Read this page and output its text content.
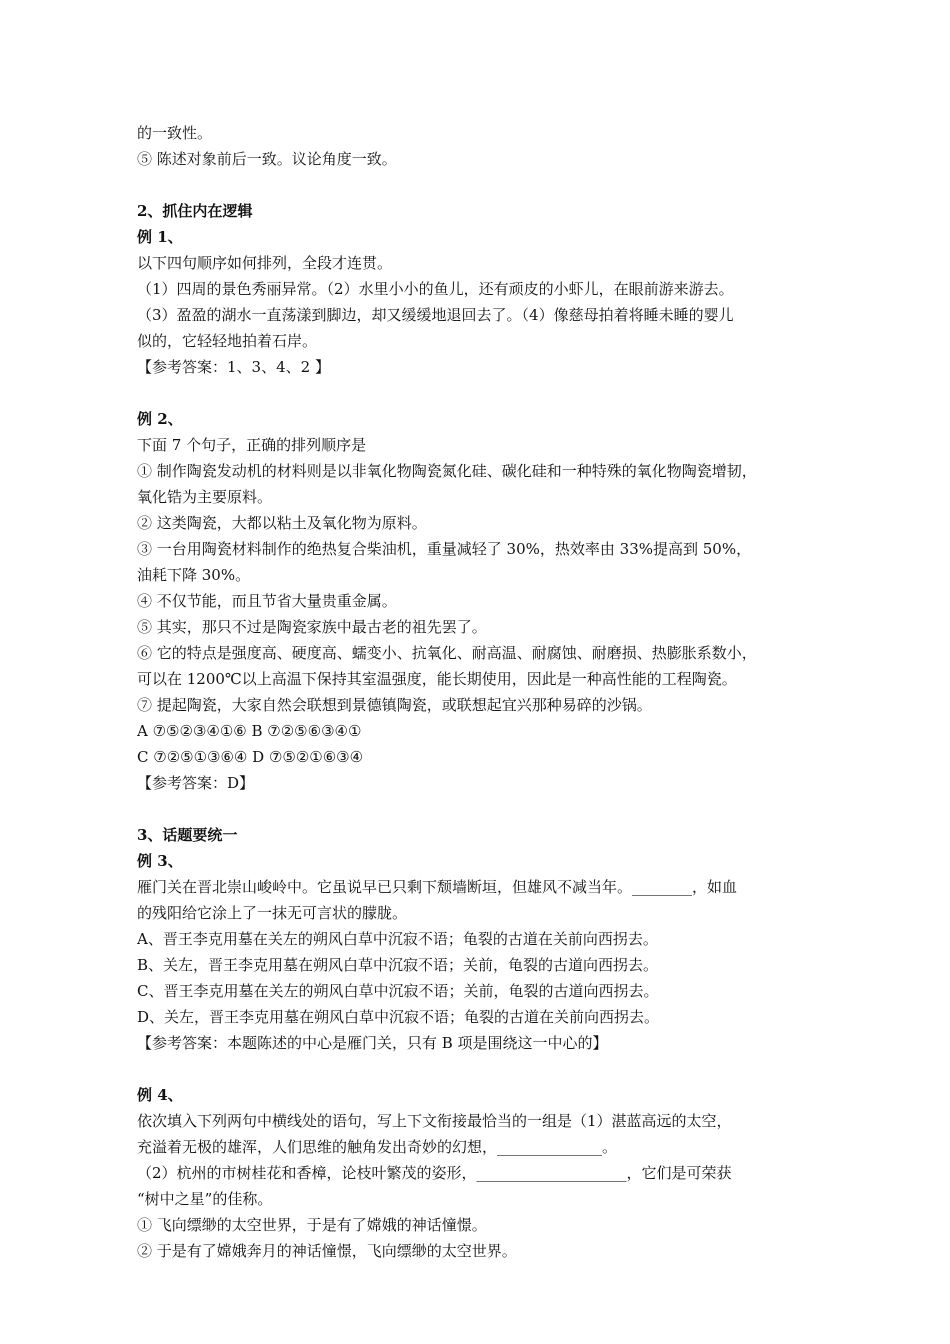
的一致性。
⑤ 陈述对象前后一致。议论角度一致。
2、抓住内在逻辑
例 1、
以下四句顺序如何排列，全段才连贯。
（1）四周的景色秀丽异常。（2）水里小小的鱼儿，还有顽皮的小虾儿，在眼前游来游去。
（3）盈盈的湖水一直荡漾到脚边，却又缓缓地退回去了。（4）像慈母拍着将睡未睡的婴儿
似的，它轻轻地拍着石岸。
【参考答案：1、3、4、2 】
例 2、
下面 7 个句子，正确的排列顺序是
① 制作陶瓷发动机的材料则是以非氧化物陶瓷氮化硅、碳化硅和一种特殊的氧化物陶瓷增韧，
氧化锆为主要原料。
② 这类陶瓷，大都以粘土及氧化物为原料。
③ 一台用陶瓷材料制作的绝热复合柴油机，重量减轻了 30%，热效率由 33%提高到 50%，
油耗下降 30%。
④ 不仅节能，而且节省大量贵重金属。
⑤ 其实，那只不过是陶瓷家族中最古老的祖先罢了。
⑥ 它的特点是强度高、硬度高、蠕变小、抗氧化、耐高温、耐腐蚀、耐磨损、热膨胀系数小，
可以在 1200℃以上高温下保持其室温强度，能长期使用，因此是一种高性能的工程陶瓷。
⑦ 提起陶瓷，大家自然会联想到景德镇陶瓷，或联想起宜兴那种易碎的沙锅。
A ⑦⑤②③④①⑥ B ⑦②⑤⑥③④①
C ⑦②⑤①③⑥④ D ⑦⑤②①⑥③④
【参考答案：D】
3、话题要统一
例 3、
雁门关在晋北崇山峻岭中。它虽说早已只剩下颓墙断垣，但雄风不减当年。________，如血
的残阳给它涂上了一抹无可言状的朦胧。
A、晋王李克用墓在关左的朔风白草中沉寂不语；龟裂的古道在关前向西拐去。
B、关左，晋王李克用墓在朔风白草中沉寂不语；关前，龟裂的古道向西拐去。
C、晋王李克用墓在关左的朔风白草中沉寂不语；关前，龟裂的古道向西拐去。
D、关左，晋王李克用墓在朔风白草中沉寂不语；龟裂的古道在关前向西拐去。
【参考答案：本题陈述的中心是雁门关，只有 B 项是围绕这一中心的】
例 4、
依次填入下列两句中横线处的语句，写上下文衔接最恰当的一组是（1）湛蓝高远的太空，
充溢着无极的雄浑，人们思维的触角发出奇妙的幻想，______________。
（2）杭州的市树桂花和香樟，论枝叶繁茂的姿形，____________________，它们是可荣获
“树中之星”的佳称。
① 飞向缥缈的太空世界，于是有了嫦娥的神话憧憬。
② 于是有了嫦娥奔月的神话憧憬，飞向缥缈的太空世界。
